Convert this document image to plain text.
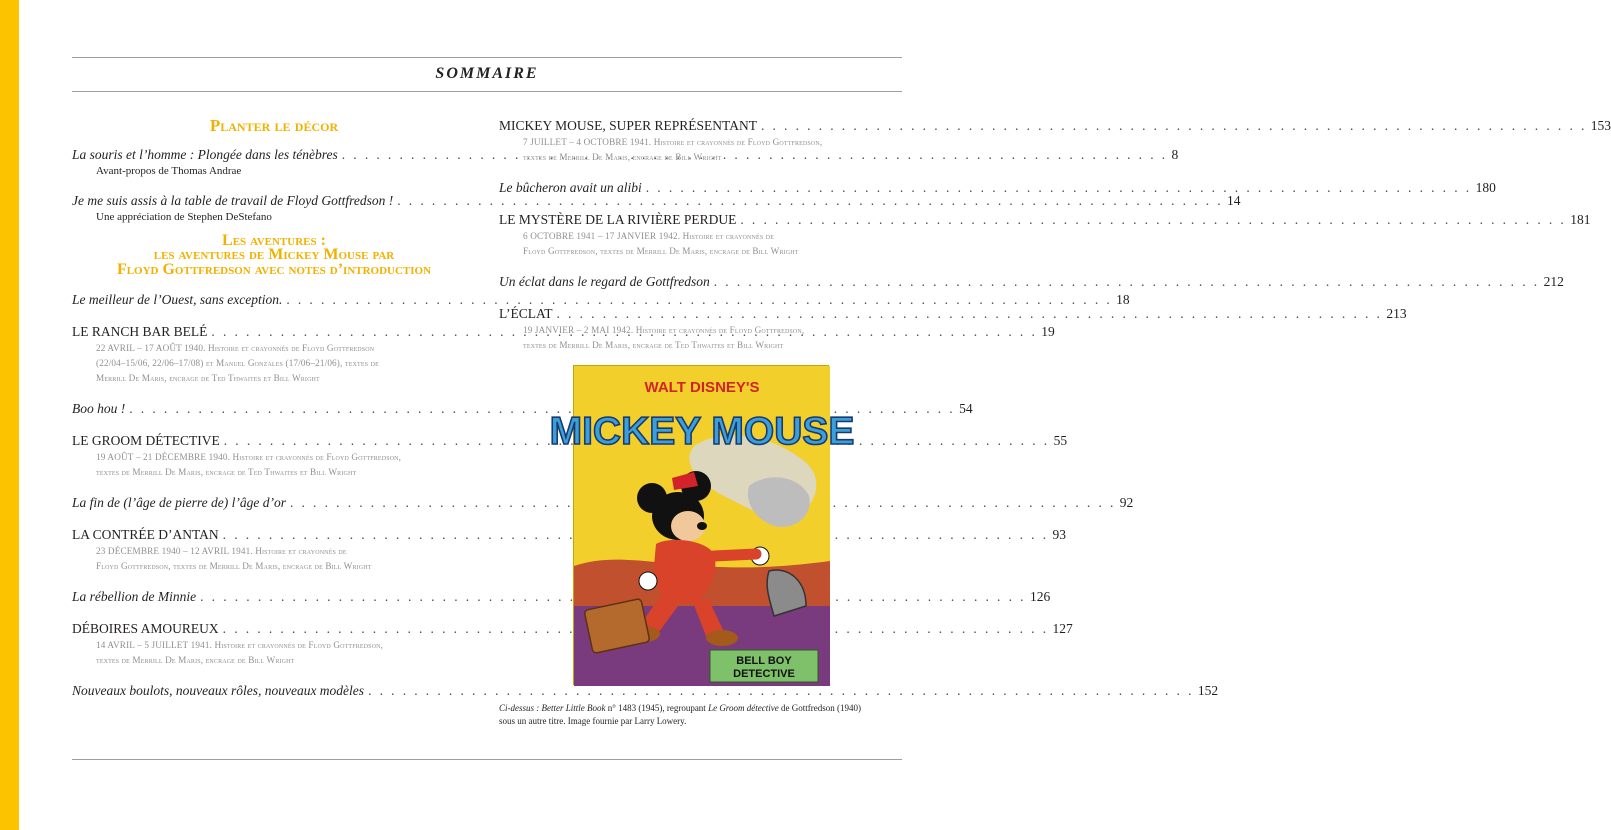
SOMMAIRE
Planter le décor
La souris et l’homme : Plongée dans les ténèbres . . .	8
Avant-propos de Thomas Andrae
Je me suis assis à la table de travail de Floyd Gottfredson ! . . .	14
Une appréciation de Stephen DeStefano
Les aventures :
les aventures de Mickey Mouse par
Floyd Gottfredson avec notes d’introduction
Le meilleur de l’Ouest, sans exception. . . .	18
LE RANCH BAR BELÉ . . .	19
22 AVRIL – 17 AOÛT 1940. Histoire et crayonnés de Floyd Gottfredson
(22/04–15/06, 22/06–17/08) et Manuel Gonzales (17/06–21/06), textes de
Merrill De Maris, encrage de Ted Thwaites et Bill Wright
Boo hou ! . . .	54
LE GROOM DÉTECTIVE . . .	55
19 AOÛT – 21 DÉCEMBRE 1940. Histoire et crayonnés de Floyd Gottfredson,
textes de Merrill De Maris, encrage de Ted Thwaites et Bill Wright
La fin de (l’âge de pierre de) l’âge d’or . . .	92
LA CONTRÉE D’ANTAN . . .	93
23 DÉCEMBRE 1940 – 12 AVRIL 1941. Histoire et crayonnés de
Floyd Gottfredson, textes de Merrill De Maris, encrage de Bill Wright
La rébellion de Minnie . . .	126
DÉBOIRES AMOUREUX . . .	127
14 AVRIL – 5 JUILLET 1941. Histoire et crayonnés de Floyd Gottfredson,
textes de Merrill De Maris, encrage de Bill Wright
Nouveaux boulots, nouveaux rôles, nouveaux modèles . . .	152
MICKEY MOUSE, SUPER REPRÉSENTANT . . .	153
7 JUILLET – 4 OCTOBRE 1941. Histoire et crayonnés de Floyd Gottfredson,
textes de Merrill De Maris, encrage de Bill Wright
Le bûcheron avait un alibi . . .	180
LE MYSTÈRE DE LA RIVIÈRE PERDUE . . .	181
6 OCTOBRE 1941 – 17 JANVIER 1942. Histoire et crayonnés de
Floyd Gottfredson, textes de Merrill De Maris, encrage de Bill Wright
Un éclat dans le regard de Gottfredson . . .	212
L’ÉCLAT . . .	213
19 JANVIER – 2 MAI 1942. Histoire et crayonnés de Floyd Gottfredson,
textes de Merrill De Maris, encrage de Ted Thwaites et Bill Wright
WALT DISNEY'S
MICKEY MOUSE
BELL BOY
DETECTIVE
Ci-dessus : Better Little Book n° 1483 (1945), regroupant Le Groom détective de Gottfredson (1940)
sous un autre titre. Image fournie par Larry Lowery.
